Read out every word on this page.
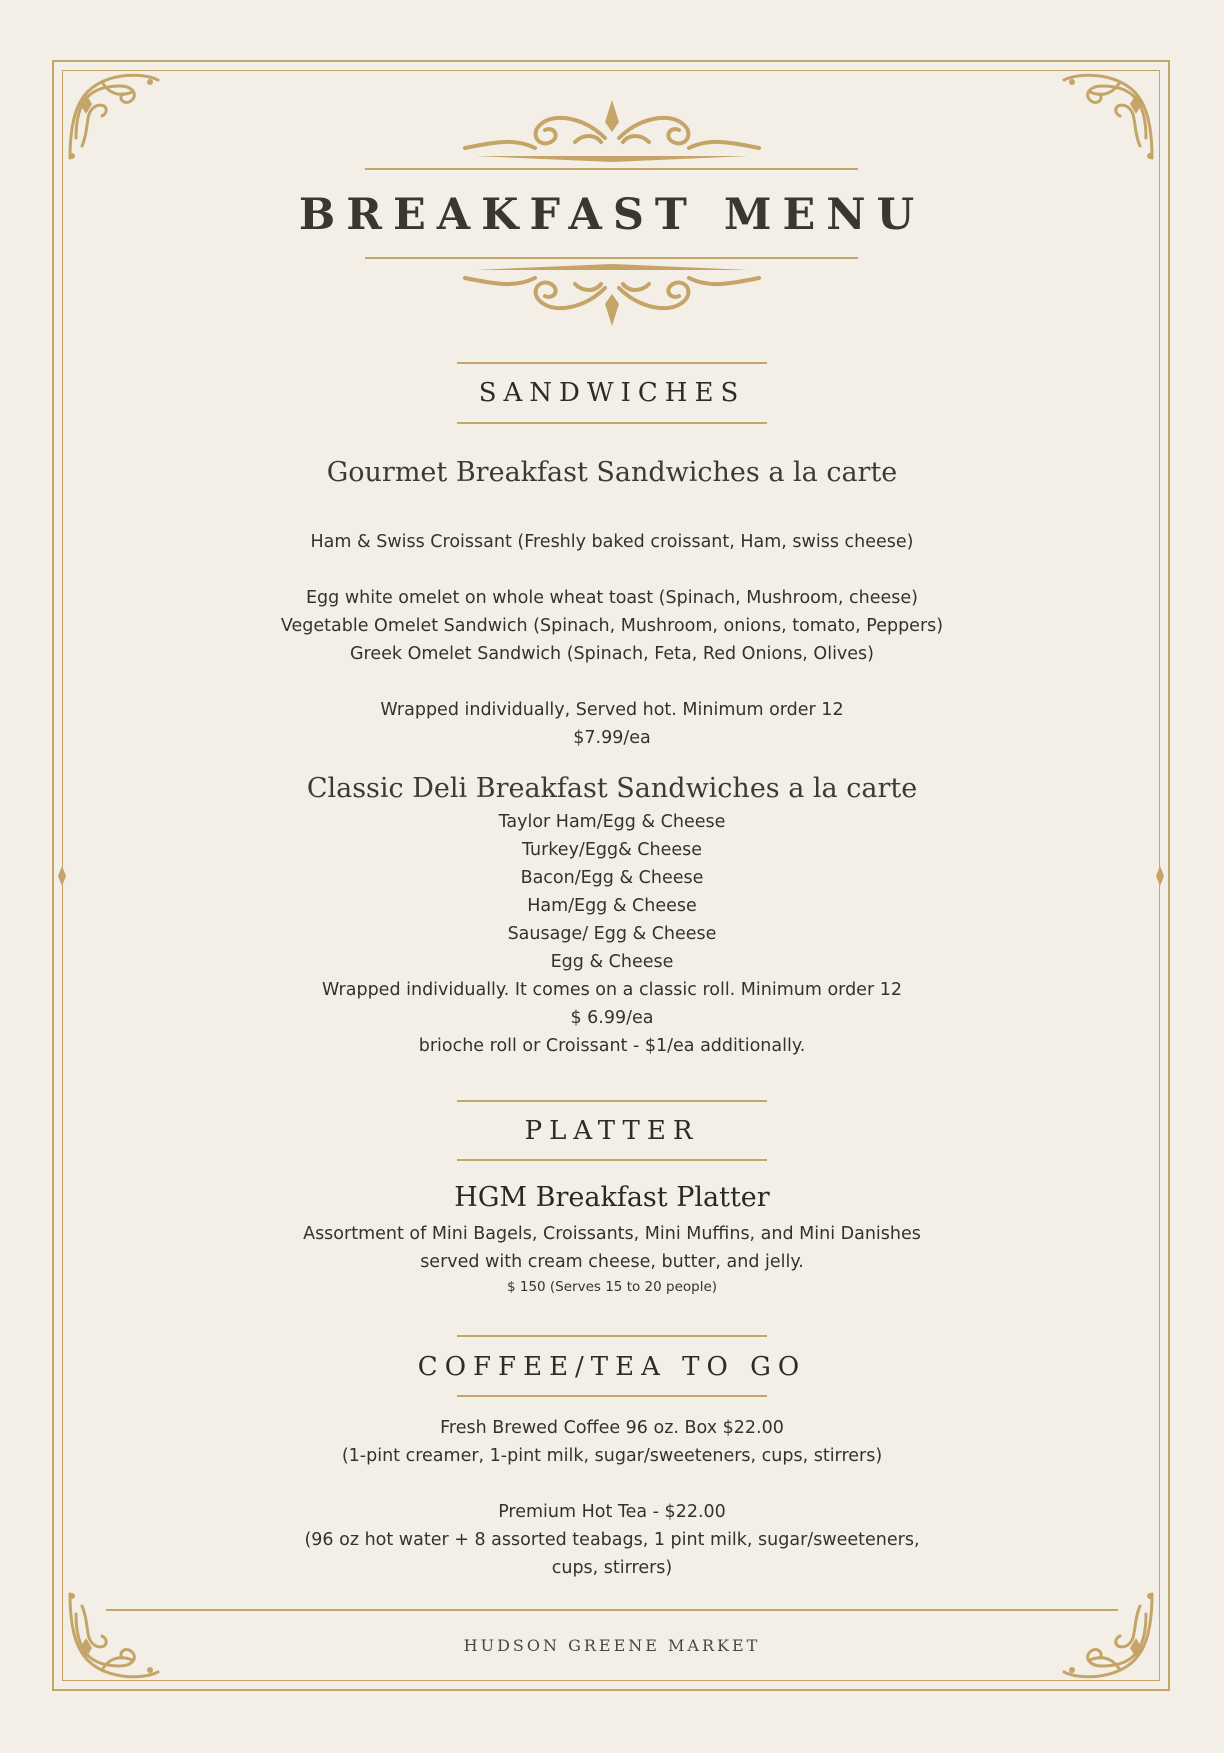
BREAKFAST MENU
SANDWICHES
Gourmet Breakfast Sandwiches a la carte
Ham & Swiss Croissant (Freshly baked croissant, Ham, swiss cheese)
Egg white omelet on whole wheat toast (Spinach, Mushroom, cheese)
Vegetable Omelet Sandwich (Spinach, Mushroom, onions, tomato, Peppers)
Greek Omelet Sandwich (Spinach, Feta, Red Onions, Olives)
Wrapped individually, Served hot. Minimum order 12
$7.99/ea
Classic Deli Breakfast Sandwiches a la carte
Taylor Ham/Egg & Cheese
Turkey/Egg& Cheese
Bacon/Egg & Cheese
Ham/Egg & Cheese
Sausage/ Egg & Cheese
Egg & Cheese
Wrapped individually. It comes on a classic roll. Minimum order 12
$ 6.99/ea
brioche roll or Croissant - $1/ea additionally.
PLATTER
HGM Breakfast Platter
Assortment of Mini Bagels, Croissants, Mini Muffins, and Mini Danishes
served with cream cheese, butter, and jelly.
$ 150 (Serves 15 to 20 people)
COFFEE/TEA TO GO
Fresh Brewed Coffee 96 oz. Box $22.00
(1-pint creamer, 1-pint milk, sugar/sweeteners, cups, stirrers)
Premium Hot Tea - $22.00
(96 oz hot water + 8 assorted teabags, 1 pint milk, sugar/sweeteners,
cups, stirrers)
HUDSON GREENE MARKET
